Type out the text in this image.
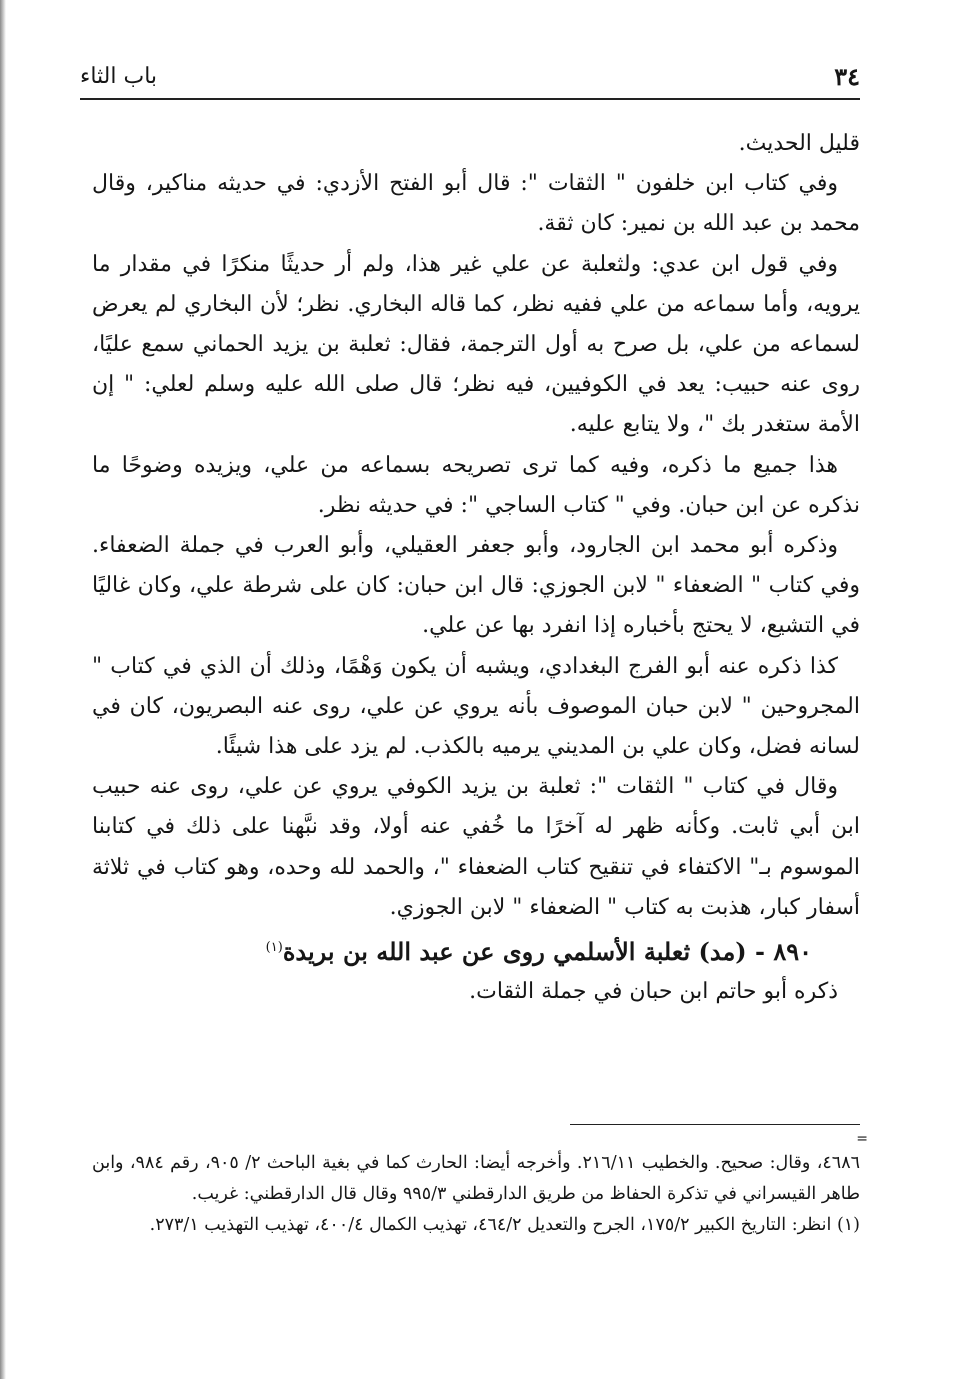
٣٤
باب الثاء

قليل الحديث.

وفي كتاب ابن خلفون " الثقات ": قال أبو الفتح الأزدي: في حديثه مناكير، وقال محمد بن عبد الله بن نمير: كان ثقة.

وفي قول ابن عدي: ولثعلبة عن علي غير هذا، ولم أر حديثًا منكرًا في مقدار ما يرويه، وأما سماعه من علي ففيه نظر، كما قاله البخاري. نظر؛ لأن البخاري لم يعرض لسماعه من علي، بل صرح به أول الترجمة، فقال: ثعلبة بن يزيد الحماني سمع عليًا، روى عنه حبيب: يعد في الكوفيين، فيه نظر؛ قال صلى الله عليه وسلم لعلي: " إن الأمة ستغدر بك "، ولا يتابع عليه.

هذا جميع ما ذكره، وفيه كما ترى تصريحه بسماعه من علي، ويزيده وضوحًا ما نذكره عن ابن حبان. وفي " كتاب الساجي ": في حديثه نظر.

وذكره أبو محمد ابن الجارود، وأبو جعفر العقيلي، وأبو العرب في جملة الضعفاء. وفي كتاب " الضعفاء " لابن الجوزي: قال ابن حبان: كان على شرطة علي، وكان غاليًا في التشيع، لا يحتج بأخباره إذا انفرد بها عن علي.

كذا ذكره عنه أبو الفرج البغدادي، ويشبه أن يكون وَهْمًا، وذلك أن الذي في كتاب " المجروحين " لابن حبان الموصوف بأنه يروي عن علي، روى عنه البصريون، كان في لسانه فضل، وكان علي بن المديني يرميه بالكذب. لم يزد على هذا شيئًا.

وقال في كتاب " الثقات ": ثعلبة بن يزيد الكوفي يروي عن علي، روى عنه حبيب ابن أبي ثابت. وكأنه ظهر له آخرًا ما خُفي عنه أولا، وقد نبَّهنا على ذلك في كتابنا الموسوم بـ" الاكتفاء في تنقيح كتاب الضعفاء "، والحمد لله وحده، وهو كتاب في ثلاثة أسفار كبار، هذبت به كتاب " الضعفاء " لابن الجوزي.

٨٩٠ - (مد) ثعلبة الأسلمي روى عن عبد الله بن بريدة$^{(١)}$

ذكره أبو حاتم ابن حبان في جملة الثقات.

=

٤٦٨٦، وقال: صحيح. والخطيب ٢١٦/١١. وأخرجه أيضا: الحارث كما في بغية الباحث ٢/ ٩٠٥، رقم ٩٨٤، وابن طاهر القيسراني في تذكرة الحفاظ من طريق الدارقطني ٩٩٥/٣ وقال قال الدارقطني: غريب.

(١) انظر: التاريخ الكبير ١٧٥/٢، الجرح والتعديل ٤٦٤/٢، تهذيب الكمال ٤٠٠/٤، تهذيب التهذيب ٢٧٣/١.
